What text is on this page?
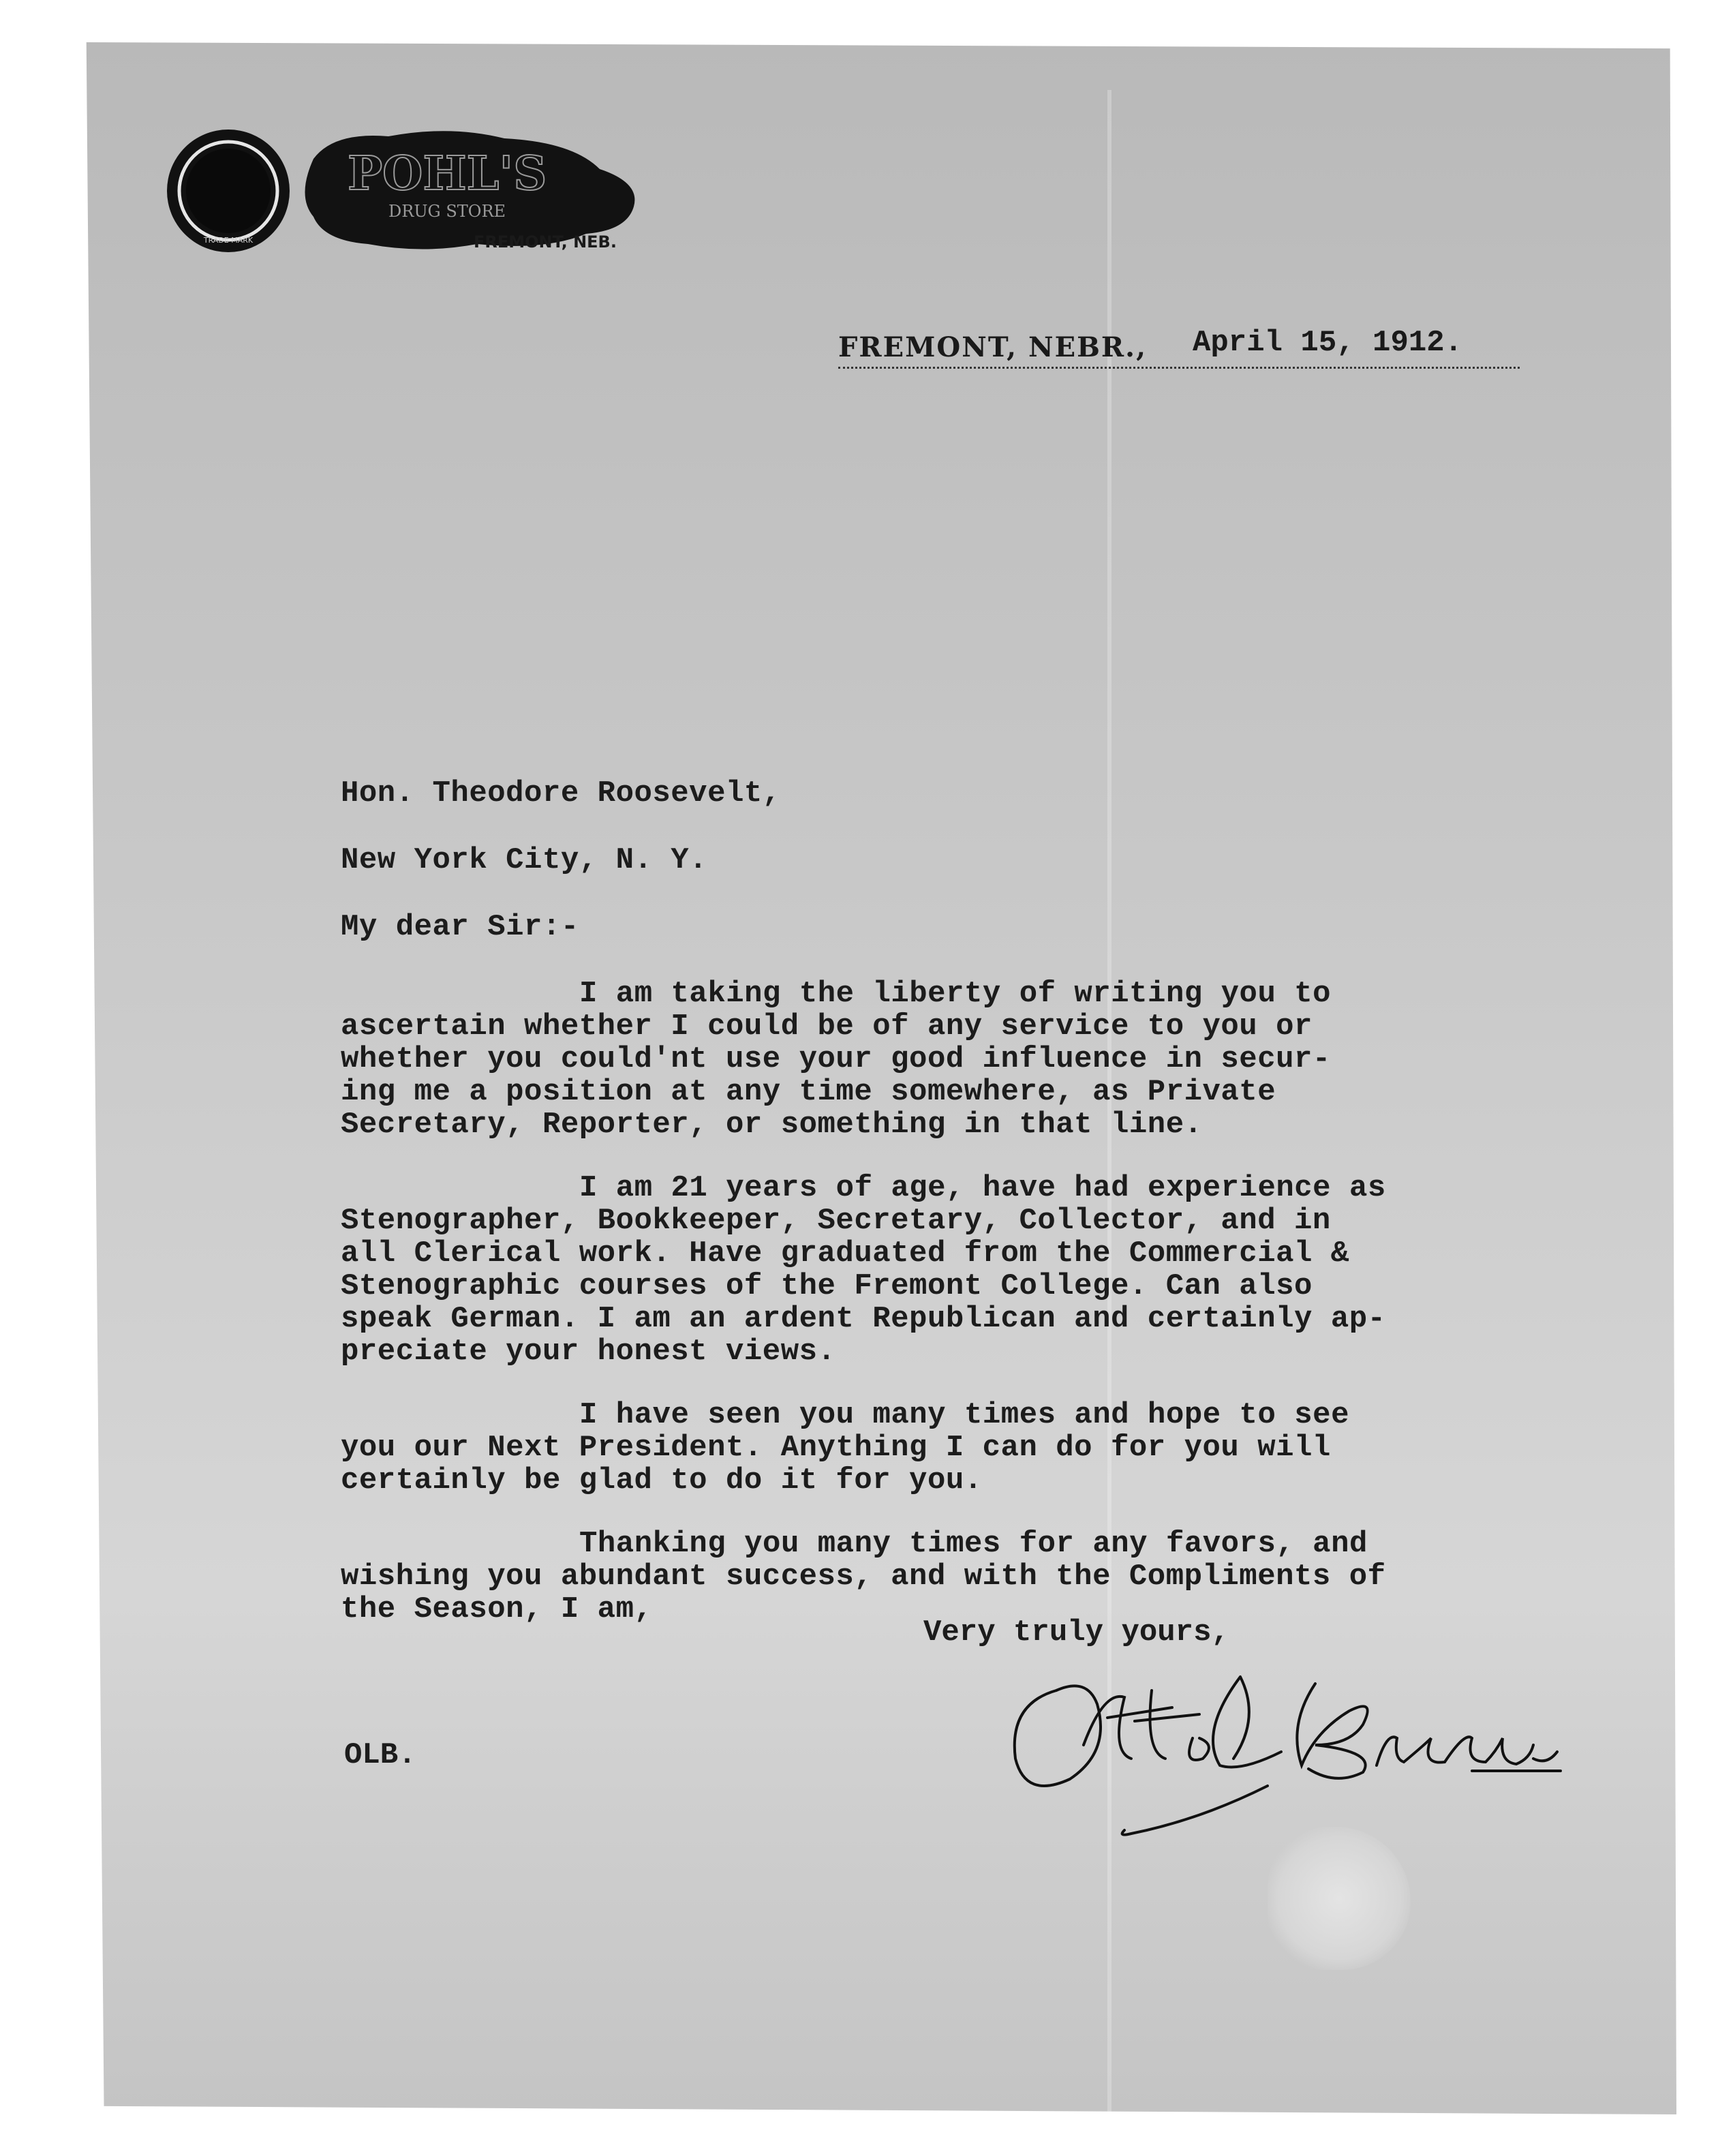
TRADE MARK
POHL'S
DRUG STORE
FREMONT, NEB.
FREMONT, NEBR., April 15, 1912.

Hon. Theodore Roosevelt,

New York City, N. Y.

My dear Sir:-

I am taking the liberty of writing you to
ascertain whether I could be of any service to you or
whether you could'nt use your good influence in secur-
ing me a position at any time somewhere, as Private
Secretary, Reporter, or something in that line.

I am 21 years of age, have had experience as
Stenographer, Bookkeeper, Secretary, Collector, and in
all Clerical work. Have graduated from the Commercial &
Stenographic courses of the Fremont College. Can also
speak German. I am an ardent Republican and certainly ap-
preciate your honest views.

I have seen you many times and hope to see
you our Next President. Anything I can do for you will
certainly be glad to do it for you.

Thanking you many times for any favors, and
wishing you abundant success, and with the Compliments of
the Season, I am,

Very truly yours,
OLB.
